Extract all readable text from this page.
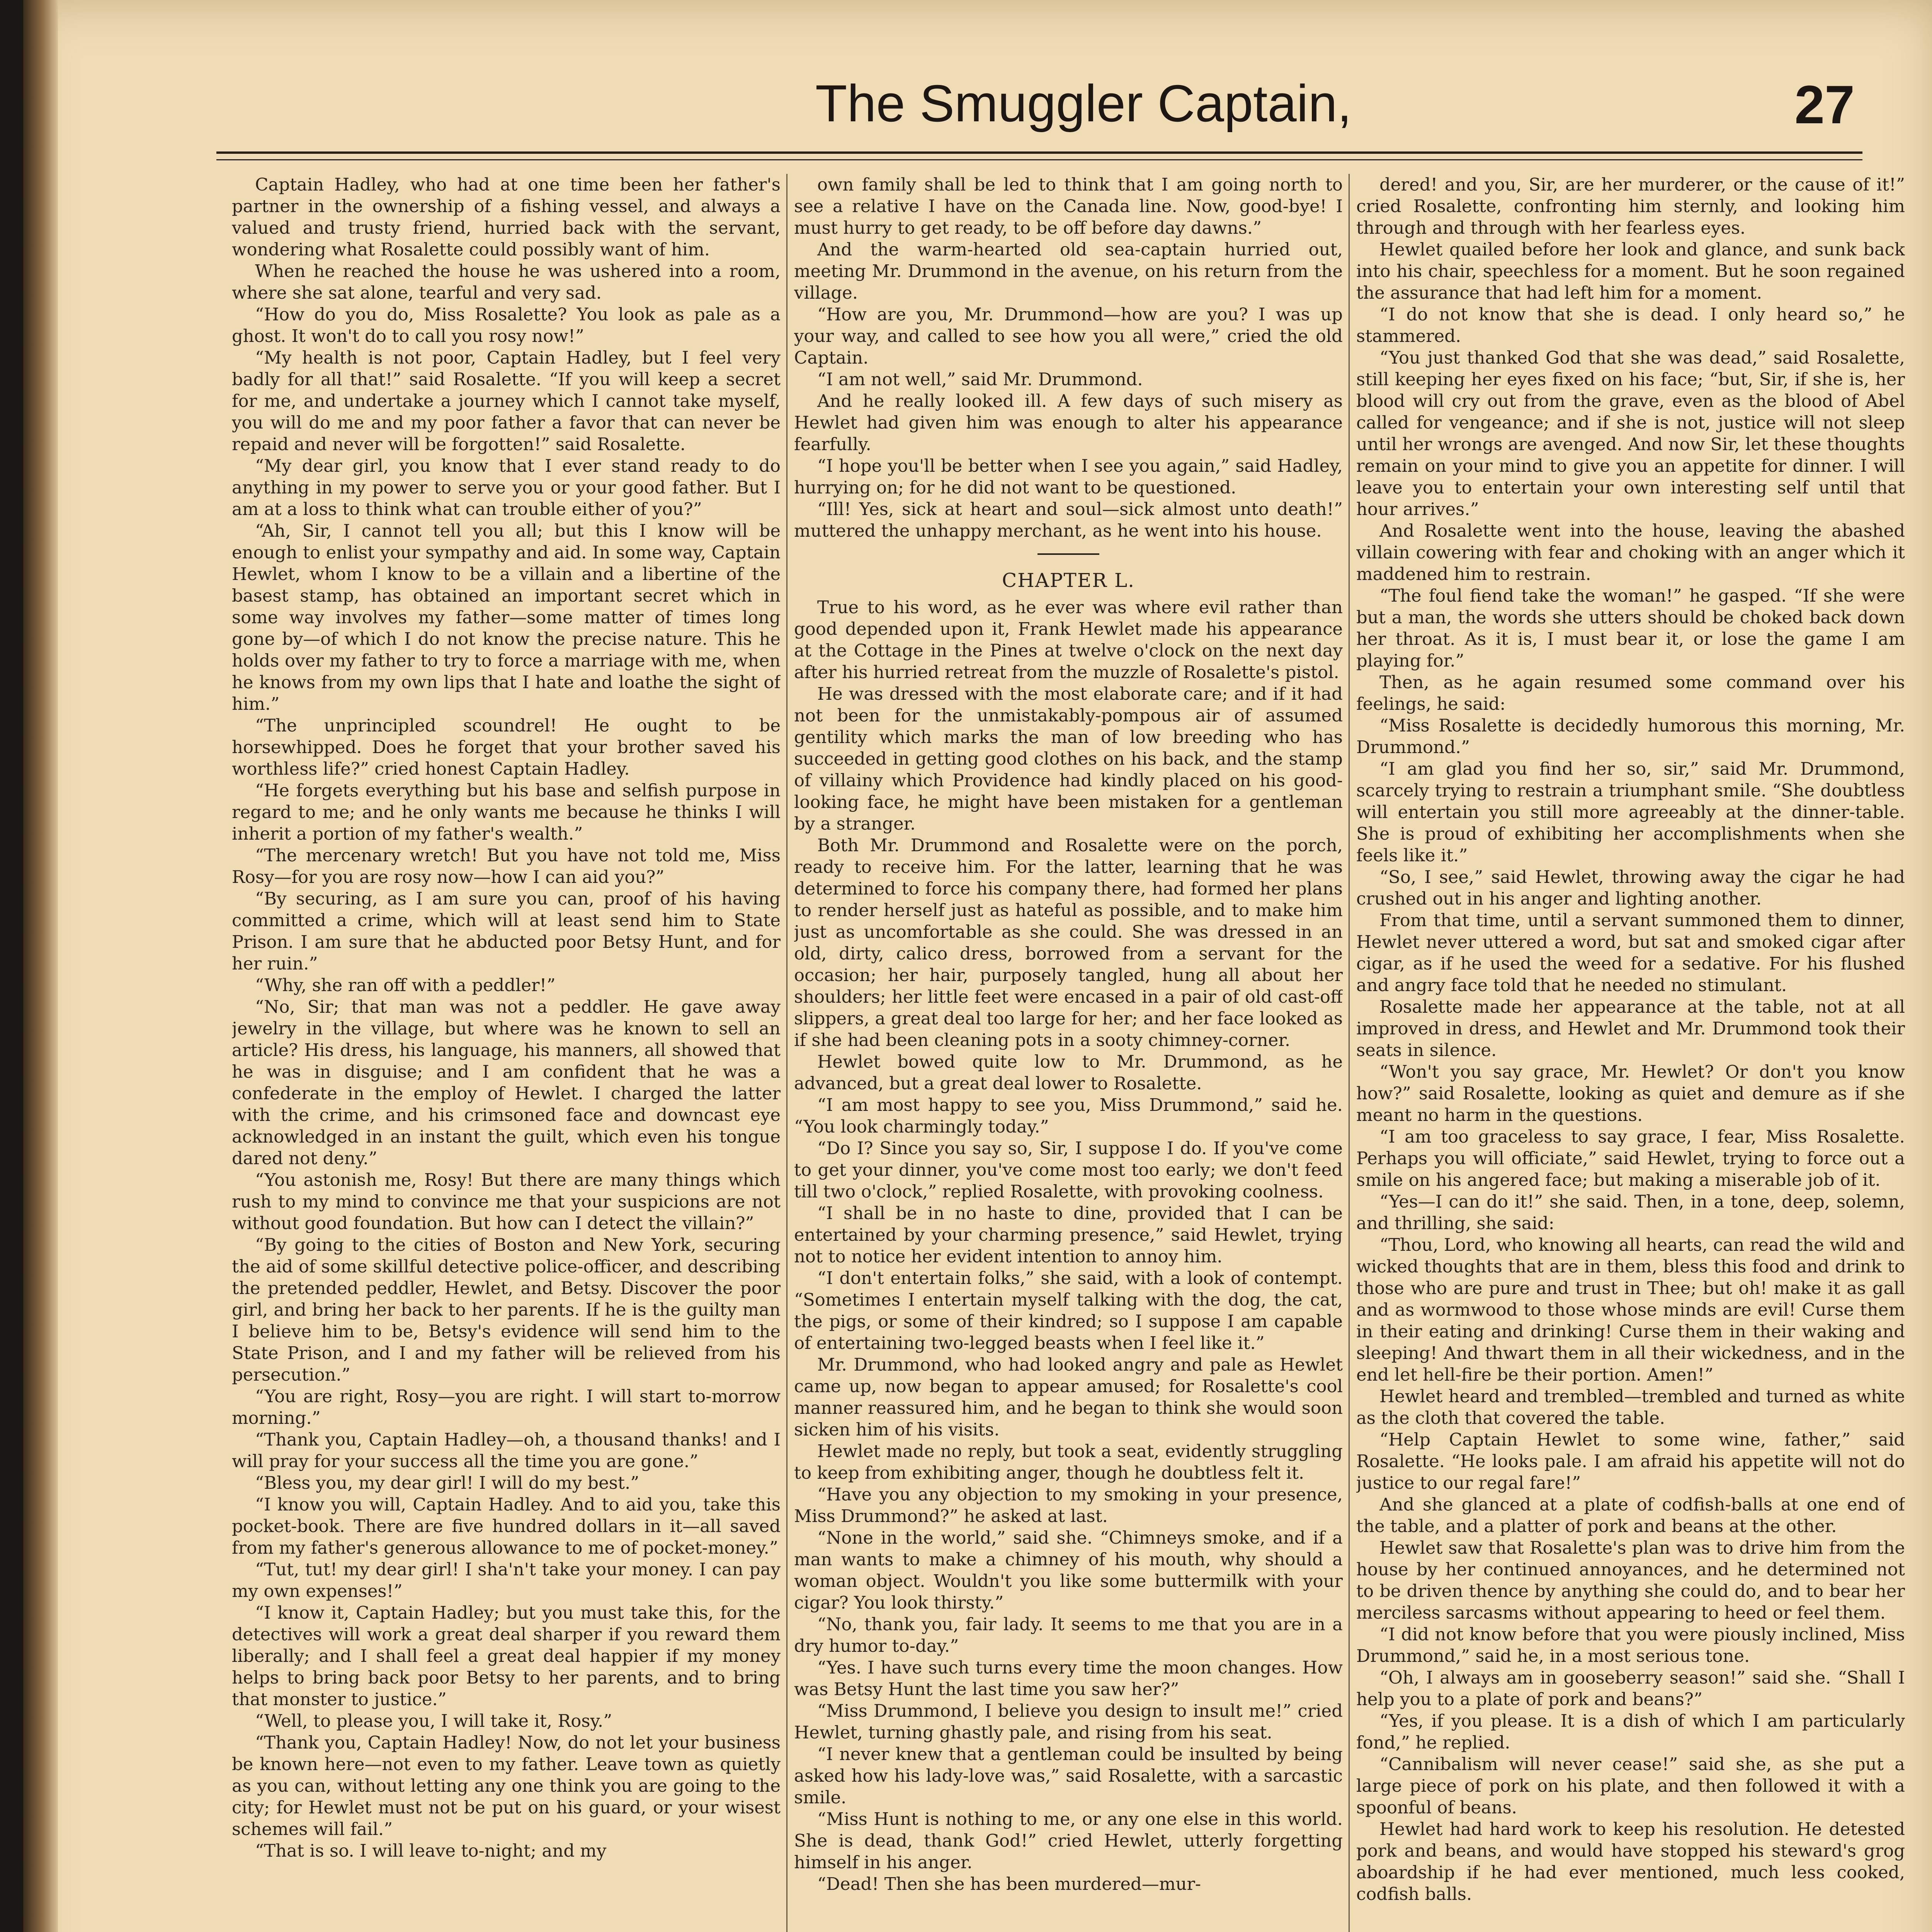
The Smuggler Captain,	27

Captain Hadley, who had at one time been her father's partner in the ownership of a fishing vessel, and always a valued and trusty friend, hurried back with the servant, wondering what Rosalette could possibly want of him.

When he reached the house he was ushered into a room, where she sat alone, tearful and very sad.

“How do you do, Miss Rosalette? You look as pale as a ghost. It won't do to call you rosy now!”

“My health is not poor, Captain Hadley, but I feel very badly for all that!” said Rosalette. “If you will keep a secret for me, and undertake a journey which I cannot take myself, you will do me and my poor father a favor that can never be repaid and never will be forgotten!” said Rosalette.

“My dear girl, you know that I ever stand ready to do anything in my power to serve you or your good father. But I am at a loss to think what can trouble either of you?”

“Ah, Sir, I cannot tell you all; but this I know will be enough to enlist your sympathy and aid. In some way, Captain Hewlet, whom I know to be a villain and a libertine of the basest stamp, has obtained an important secret which in some way involves my father—some matter of times long gone by—of which I do not know the precise nature. This he holds over my father to try to force a marriage with me, when he knows from my own lips that I hate and loathe the sight of him.”

“The unprincipled scoundrel! He ought to be horsewhipped. Does he forget that your brother saved his worthless life?” cried honest Captain Hadley.

“He forgets everything but his base and selfish purpose in regard to me; and he only wants me because he thinks I will inherit a portion of my father's wealth.”

“The mercenary wretch! But you have not told me, Miss Rosy—for you are rosy now—how I can aid you?”

“By securing, as I am sure you can, proof of his having committed a crime, which will at least send him to State Prison. I am sure that he abducted poor Betsy Hunt, and for her ruin.”

“Why, she ran off with a peddler!”

“No, Sir; that man was not a peddler. He gave away jewelry in the village, but where was he known to sell an article? His dress, his language, his manners, all showed that he was in disguise; and I am confident that he was a confederate in the employ of Hewlet. I charged the latter with the crime, and his crimsoned face and downcast eye acknowledged in an instant the guilt, which even his tongue dared not deny.”

“You astonish me, Rosy! But there are many things which rush to my mind to convince me that your suspicions are not without good foundation. But how can I detect the villain?”

“By going to the cities of Boston and New York, securing the aid of some skillful detective police-officer, and describing the pretended peddler, Hewlet, and Betsy. Discover the poor girl, and bring her back to her parents. If he is the guilty man I believe him to be, Betsy's evidence will send him to the State Prison, and I and my father will be relieved from his persecution.”

“You are right, Rosy—you are right. I will start to-morrow morning.”

“Thank you, Captain Hadley—oh, a thousand thanks! and I will pray for your success all the time you are gone.”

“Bless you, my dear girl! I will do my best.”

“I know you will, Captain Hadley. And to aid you, take this pocket-book. There are five hundred dollars in it—all saved from my father's generous allowance to me of pocket-money.”

“Tut, tut! my dear girl! I sha'n't take your money. I can pay my own expenses!”

“I know it, Captain Hadley; but you must take this, for the detectives will work a great deal sharper if you reward them liberally; and I shall feel a great deal happier if my money helps to bring back poor Betsy to her parents, and to bring that monster to justice.”

“Well, to please you, I will take it, Rosy.”

“Thank you, Captain Hadley! Now, do not let your business be known here—not even to my father. Leave town as quietly as you can, without letting any one think you are going to the city; for Hewlet must not be put on his guard, or your wisest schemes will fail.”

“That is so. I will leave to-night; and my

own family shall be led to think that I am going north to see a relative I have on the Canada line. Now, good-bye! I must hurry to get ready, to be off before day dawns.”

And the warm-hearted old sea-captain hurried out, meeting Mr. Drummond in the avenue, on his return from the village.

“How are you, Mr. Drummond—how are you? I was up your way, and called to see how you all were,” cried the old Captain.

“I am not well,” said Mr. Drummond.

And he really looked ill. A few days of such misery as Hewlet had given him was enough to alter his appearance fearfully.

“I hope you'll be better when I see you again,” said Hadley, hurrying on; for he did not want to be questioned.

“Ill! Yes, sick at heart and soul—sick almost unto death!” muttered the unhappy merchant, as he went into his house.

CHAPTER L.

True to his word, as he ever was where evil rather than good depended upon it, Frank Hewlet made his appearance at the Cottage in the Pines at twelve o'clock on the next day after his hurried retreat from the muzzle of Rosalette's pistol.

He was dressed with the most elaborate care; and if it had not been for the unmistakably-pompous air of assumed gentility which marks the man of low breeding who has succeeded in getting good clothes on his back, and the stamp of villainy which Providence had kindly placed on his good-looking face, he might have been mistaken for a gentleman by a stranger.

Both Mr. Drummond and Rosalette were on the porch, ready to receive him. For the latter, learning that he was determined to force his company there, had formed her plans to render herself just as hateful as possible, and to make him just as uncomfortable as she could. She was dressed in an old, dirty, calico dress, borrowed from a servant for the occasion; her hair, purposely tangled, hung all about her shoulders; her little feet were encased in a pair of old cast-off slippers, a great deal too large for her; and her face looked as if she had been cleaning pots in a sooty chimney-corner.

Hewlet bowed quite low to Mr. Drummond, as he advanced, but a great deal lower to Rosalette.

“I am most happy to see you, Miss Drummond,” said he. “You look charmingly today.”

“Do I? Since you say so, Sir, I suppose I do. If you've come to get your dinner, you've come most too early; we don't feed till two o'clock,” replied Rosalette, with provoking coolness.

“I shall be in no haste to dine, provided that I can be entertained by your charming presence,” said Hewlet, trying not to notice her evident intention to annoy him.

“I don't entertain folks,” she said, with a look of contempt. “Sometimes I entertain myself talking with the dog, the cat, the pigs, or some of their kindred; so I suppose I am capable of entertaining two-legged beasts when I feel like it.”

Mr. Drummond, who had looked angry and pale as Hewlet came up, now began to appear amused; for Rosalette's cool manner reassured him, and he began to think she would soon sicken him of his visits.

Hewlet made no reply, but took a seat, evidently struggling to keep from exhibiting anger, though he doubtless felt it.

“Have you any objection to my smoking in your presence, Miss Drummond?” he asked at last.

“None in the world,” said she. “Chimneys smoke, and if a man wants to make a chimney of his mouth, why should a woman object. Wouldn't you like some buttermilk with your cigar? You look thirsty.”

“No, thank you, fair lady. It seems to me that you are in a dry humor to-day.”

“Yes. I have such turns every time the moon changes. How was Betsy Hunt the last time you saw her?”

“Miss Drummond, I believe you design to insult me!” cried Hewlet, turning ghastly pale, and rising from his seat.

“I never knew that a gentleman could be insulted by being asked how his lady-love was,” said Rosalette, with a sarcastic smile.

“Miss Hunt is nothing to me, or any one else in this world. She is dead, thank God!” cried Hewlet, utterly forgetting himself in his anger.

“Dead! Then she has been murdered—mur-

dered! and you, Sir, are her murderer, or the cause of it!” cried Rosalette, confronting him sternly, and looking him through and through with her fearless eyes.

Hewlet quailed before her look and glance, and sunk back into his chair, speechless for a moment. But he soon regained the assurance that had left him for a moment.

“I do not know that she is dead. I only heard so,” he stammered.

“You just thanked God that she was dead,” said Rosalette, still keeping her eyes fixed on his face; “but, Sir, if she is, her blood will cry out from the grave, even as the blood of Abel called for vengeance; and if she is not, justice will not sleep until her wrongs are avenged. And now Sir, let these thoughts remain on your mind to give you an appetite for dinner. I will leave you to entertain your own interesting self until that hour arrives.”

And Rosalette went into the house, leaving the abashed villain cowering with fear and choking with an anger which it maddened him to restrain.

“The foul fiend take the woman!” he gasped. “If she were but a man, the words she utters should be choked back down her throat. As it is, I must bear it, or lose the game I am playing for.”

Then, as he again resumed some command over his feelings, he said:

“Miss Rosalette is decidedly humorous this morning, Mr. Drummond.”

“I am glad you find her so, sir,” said Mr. Drummond, scarcely trying to restrain a triumphant smile. “She doubtless will entertain you still more agreeably at the dinner-table. She is proud of exhibiting her accomplishments when she feels like it.”

“So, I see,” said Hewlet, throwing away the cigar he had crushed out in his anger and lighting another.

From that time, until a servant summoned them to dinner, Hewlet never uttered a word, but sat and smoked cigar after cigar, as if he used the weed for a sedative. For his flushed and angry face told that he needed no stimulant.

Rosalette made her appearance at the table, not at all improved in dress, and Hewlet and Mr. Drummond took their seats in silence.

“Won't you say grace, Mr. Hewlet? Or don't you know how?” said Rosalette, looking as quiet and demure as if she meant no harm in the questions.

“I am too graceless to say grace, I fear, Miss Rosalette. Perhaps you will officiate,” said Hewlet, trying to force out a smile on his angered face; but making a miserable job of it.

“Yes—I can do it!” she said. Then, in a tone, deep, solemn, and thrilling, she said:

“Thou, Lord, who knowing all hearts, can read the wild and wicked thoughts that are in them, bless this food and drink to those who are pure and trust in Thee; but oh! make it as gall and as wormwood to those whose minds are evil! Curse them in their eating and drinking! Curse them in their waking and sleeping! And thwart them in all their wickedness, and in the end let hell-fire be their portion. Amen!”

Hewlet heard and trembled—trembled and turned as white as the cloth that covered the table.

“Help Captain Hewlet to some wine, father,” said Rosalette. “He looks pale. I am afraid his appetite will not do justice to our regal fare!”

And she glanced at a plate of codfish-balls at one end of the table, and a platter of pork and beans at the other.

Hewlet saw that Rosalette's plan was to drive him from the house by her continued annoyances, and he determined not to be driven thence by anything she could do, and to bear her merciless sarcasms without appearing to heed or feel them.

“I did not know before that you were piously inclined, Miss Drummond,” said he, in a most serious tone.

“Oh, I always am in gooseberry season!” said she. “Shall I help you to a plate of pork and beans?”

“Yes, if you please. It is a dish of which I am particularly fond,” he replied.

“Cannibalism will never cease!” said she, as she put a large piece of pork on his plate, and then followed it with a spoonful of beans.

Hewlet had hard work to keep his resolution. He detested pork and beans, and would have stopped his steward's grog aboardship if he had ever mentioned, much less cooked, codfish balls.
